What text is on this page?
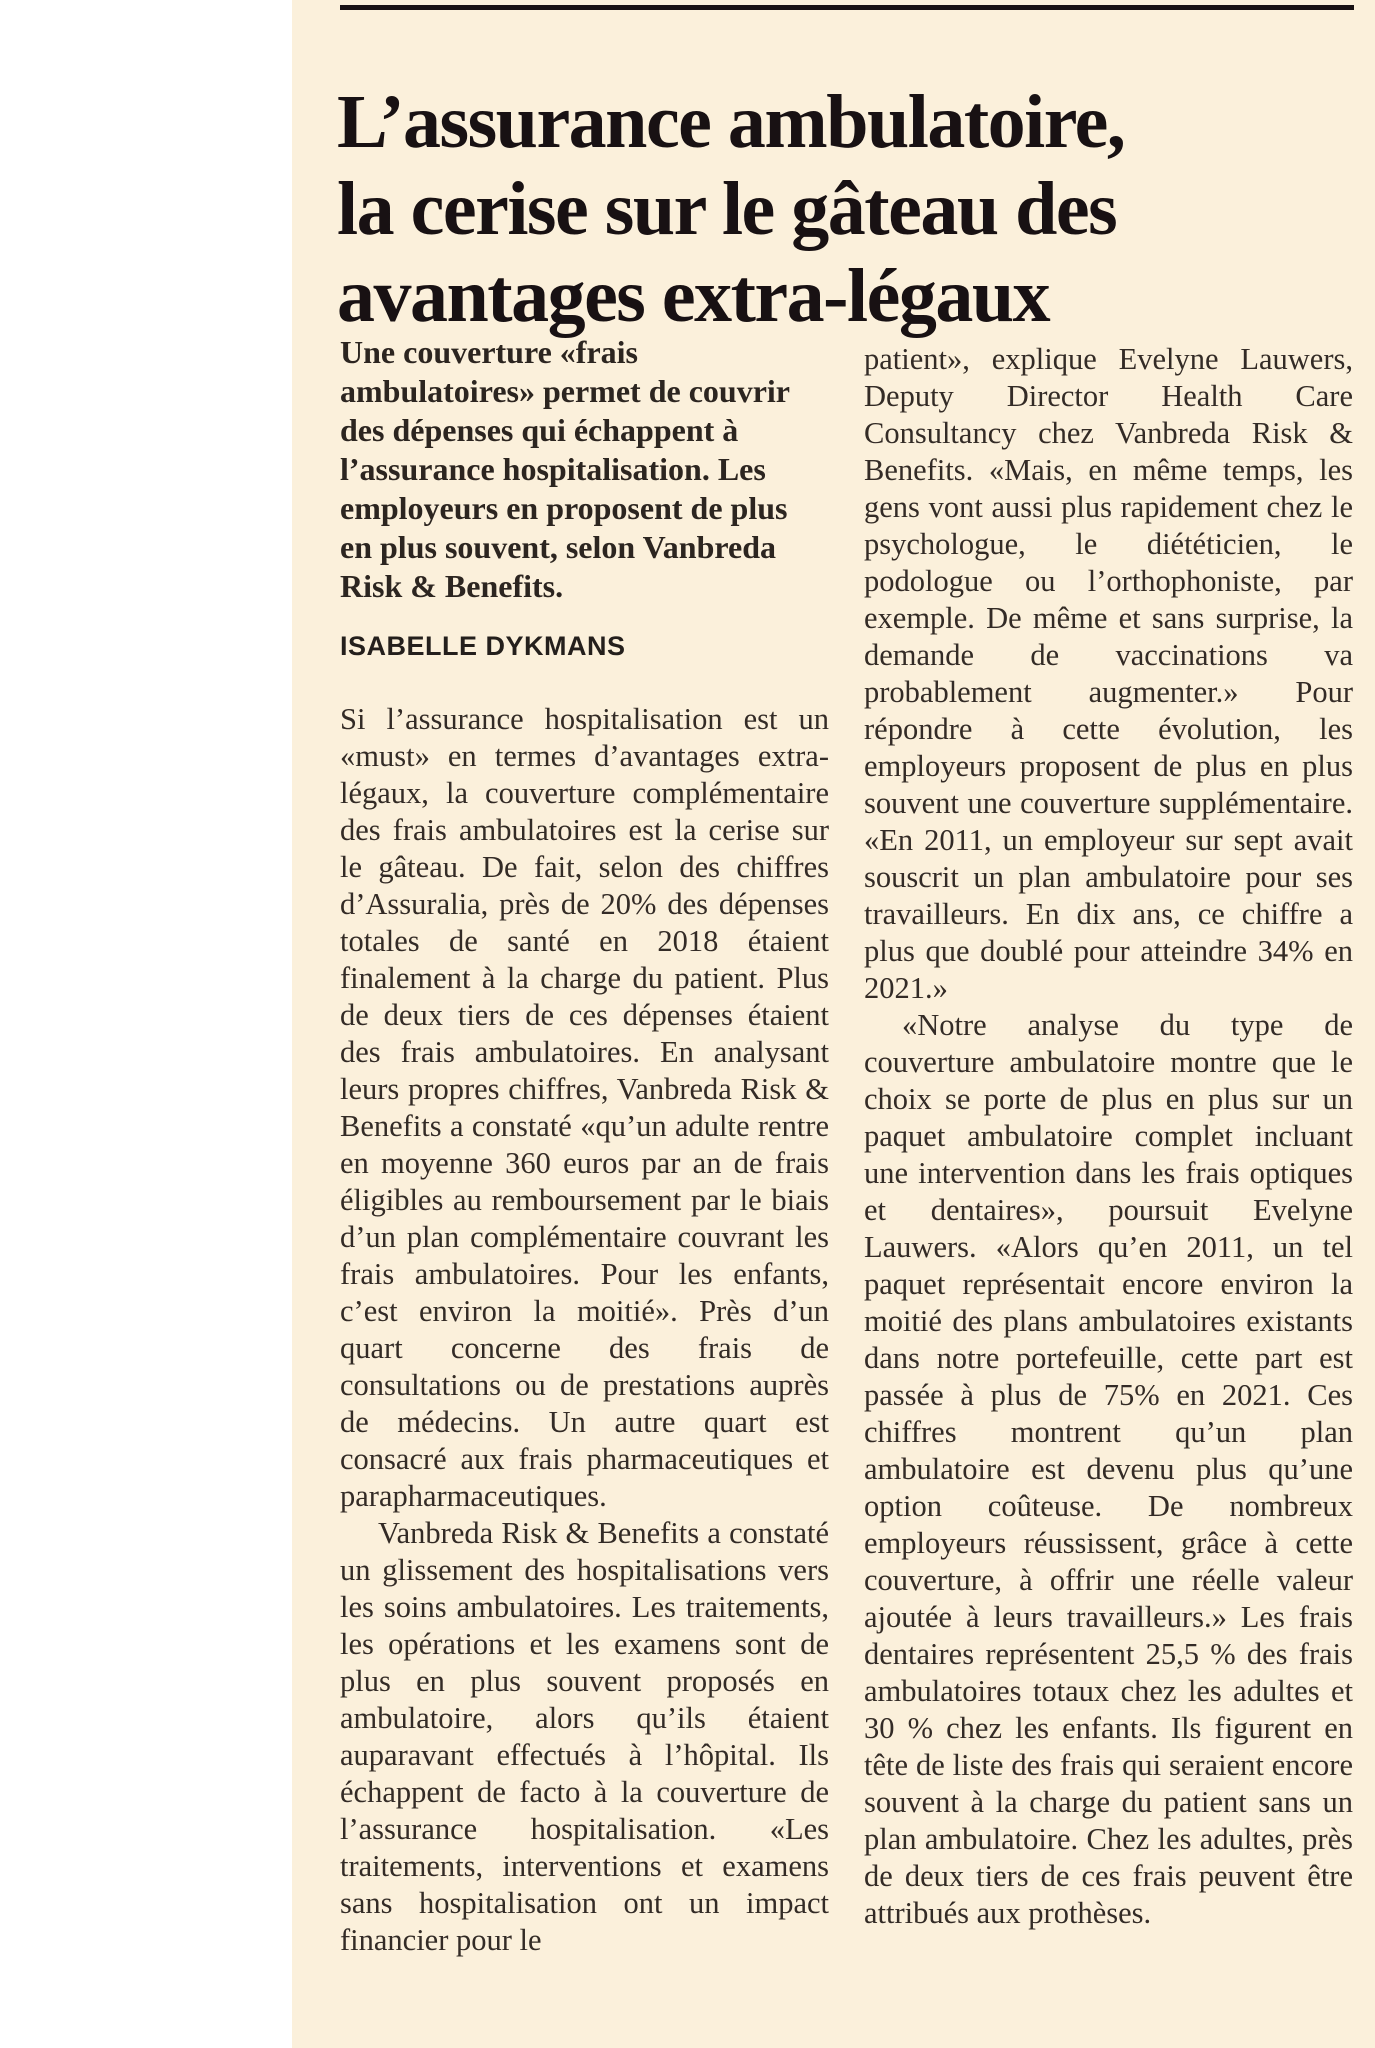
L’assurance ambulatoire,
la cerise sur le gâteau des
avantages extra-légaux
Une couverture «frais ambulatoires» permet de couvrir des dépenses qui échappent à l’assurance hospitalisation. Les employeurs en proposent de plus en plus souvent, selon Vanbreda Risk & Benefits.
ISABELLE DYKMANS

Si l’assurance hospitalisation est un «must» en termes d’avantages extra-légaux, la couverture complémentaire des frais ambulatoires est la cerise sur le gâteau. De fait, selon des chiffres d’Assuralia, près de 20% des dépenses totales de santé en 2018 étaient finalement à la charge du patient. Plus de deux tiers de ces dépenses étaient des frais ambulatoires. En analysant leurs propres chiffres, Vanbreda Risk & Benefits a constaté «qu’un adulte rentre en moyenne 360 euros par an de frais éligibles au remboursement par le biais d’un plan complémentaire couvrant les frais ambulatoires. Pour les enfants, c’est environ la moitié». Près d’un quart concerne des frais de consultations ou de prestations auprès de médecins. Un autre quart est consacré aux frais pharmaceutiques et parapharmaceutiques.

Vanbreda Risk & Benefits a constaté un glissement des hospitalisations vers les soins ambulatoires. Les traitements, les opérations et les examens sont de plus en plus souvent proposés en ambulatoire, alors qu’ils étaient auparavant effectués à l’hôpital. Ils échappent de facto à la couverture de l’assurance hospitalisation. «Les traitements, interventions et examens sans hospitalisation ont un impact financier pour le

patient», explique Evelyne Lauwers, Deputy Director Health Care Consultancy chez Vanbreda Risk & Benefits. «Mais, en même temps, les gens vont aussi plus rapidement chez le psychologue, le diététicien, le podologue ou l’orthophoniste, par exemple. De même et sans surprise, la demande de vaccinations va probablement augmenter.» Pour répondre à cette évolution, les employeurs proposent de plus en plus souvent une couverture supplémentaire. «En 2011, un employeur sur sept avait souscrit un plan ambulatoire pour ses travailleurs. En dix ans, ce chiffre a plus que doublé pour atteindre 34% en 2021.»

«Notre analyse du type de couverture ambulatoire montre que le choix se porte de plus en plus sur un paquet ambulatoire complet incluant une intervention dans les frais optiques et dentaires», poursuit Evelyne Lauwers. «Alors qu’en 2011, un tel paquet représentait encore environ la moitié des plans ambulatoires existants dans notre portefeuille, cette part est passée à plus de 75% en 2021. Ces chiffres montrent qu’un plan ambulatoire est devenu plus qu’une option coûteuse. De nombreux employeurs réussissent, grâce à cette couverture, à offrir une réelle valeur ajoutée à leurs travailleurs.» Les frais dentaires représentent 25,5 % des frais ambulatoires totaux chez les adultes et 30 % chez les enfants. Ils figurent en tête de liste des frais qui seraient encore souvent à la charge du patient sans un plan ambulatoire. Chez les adultes, près de deux tiers de ces frais peuvent être attribués aux prothèses.
